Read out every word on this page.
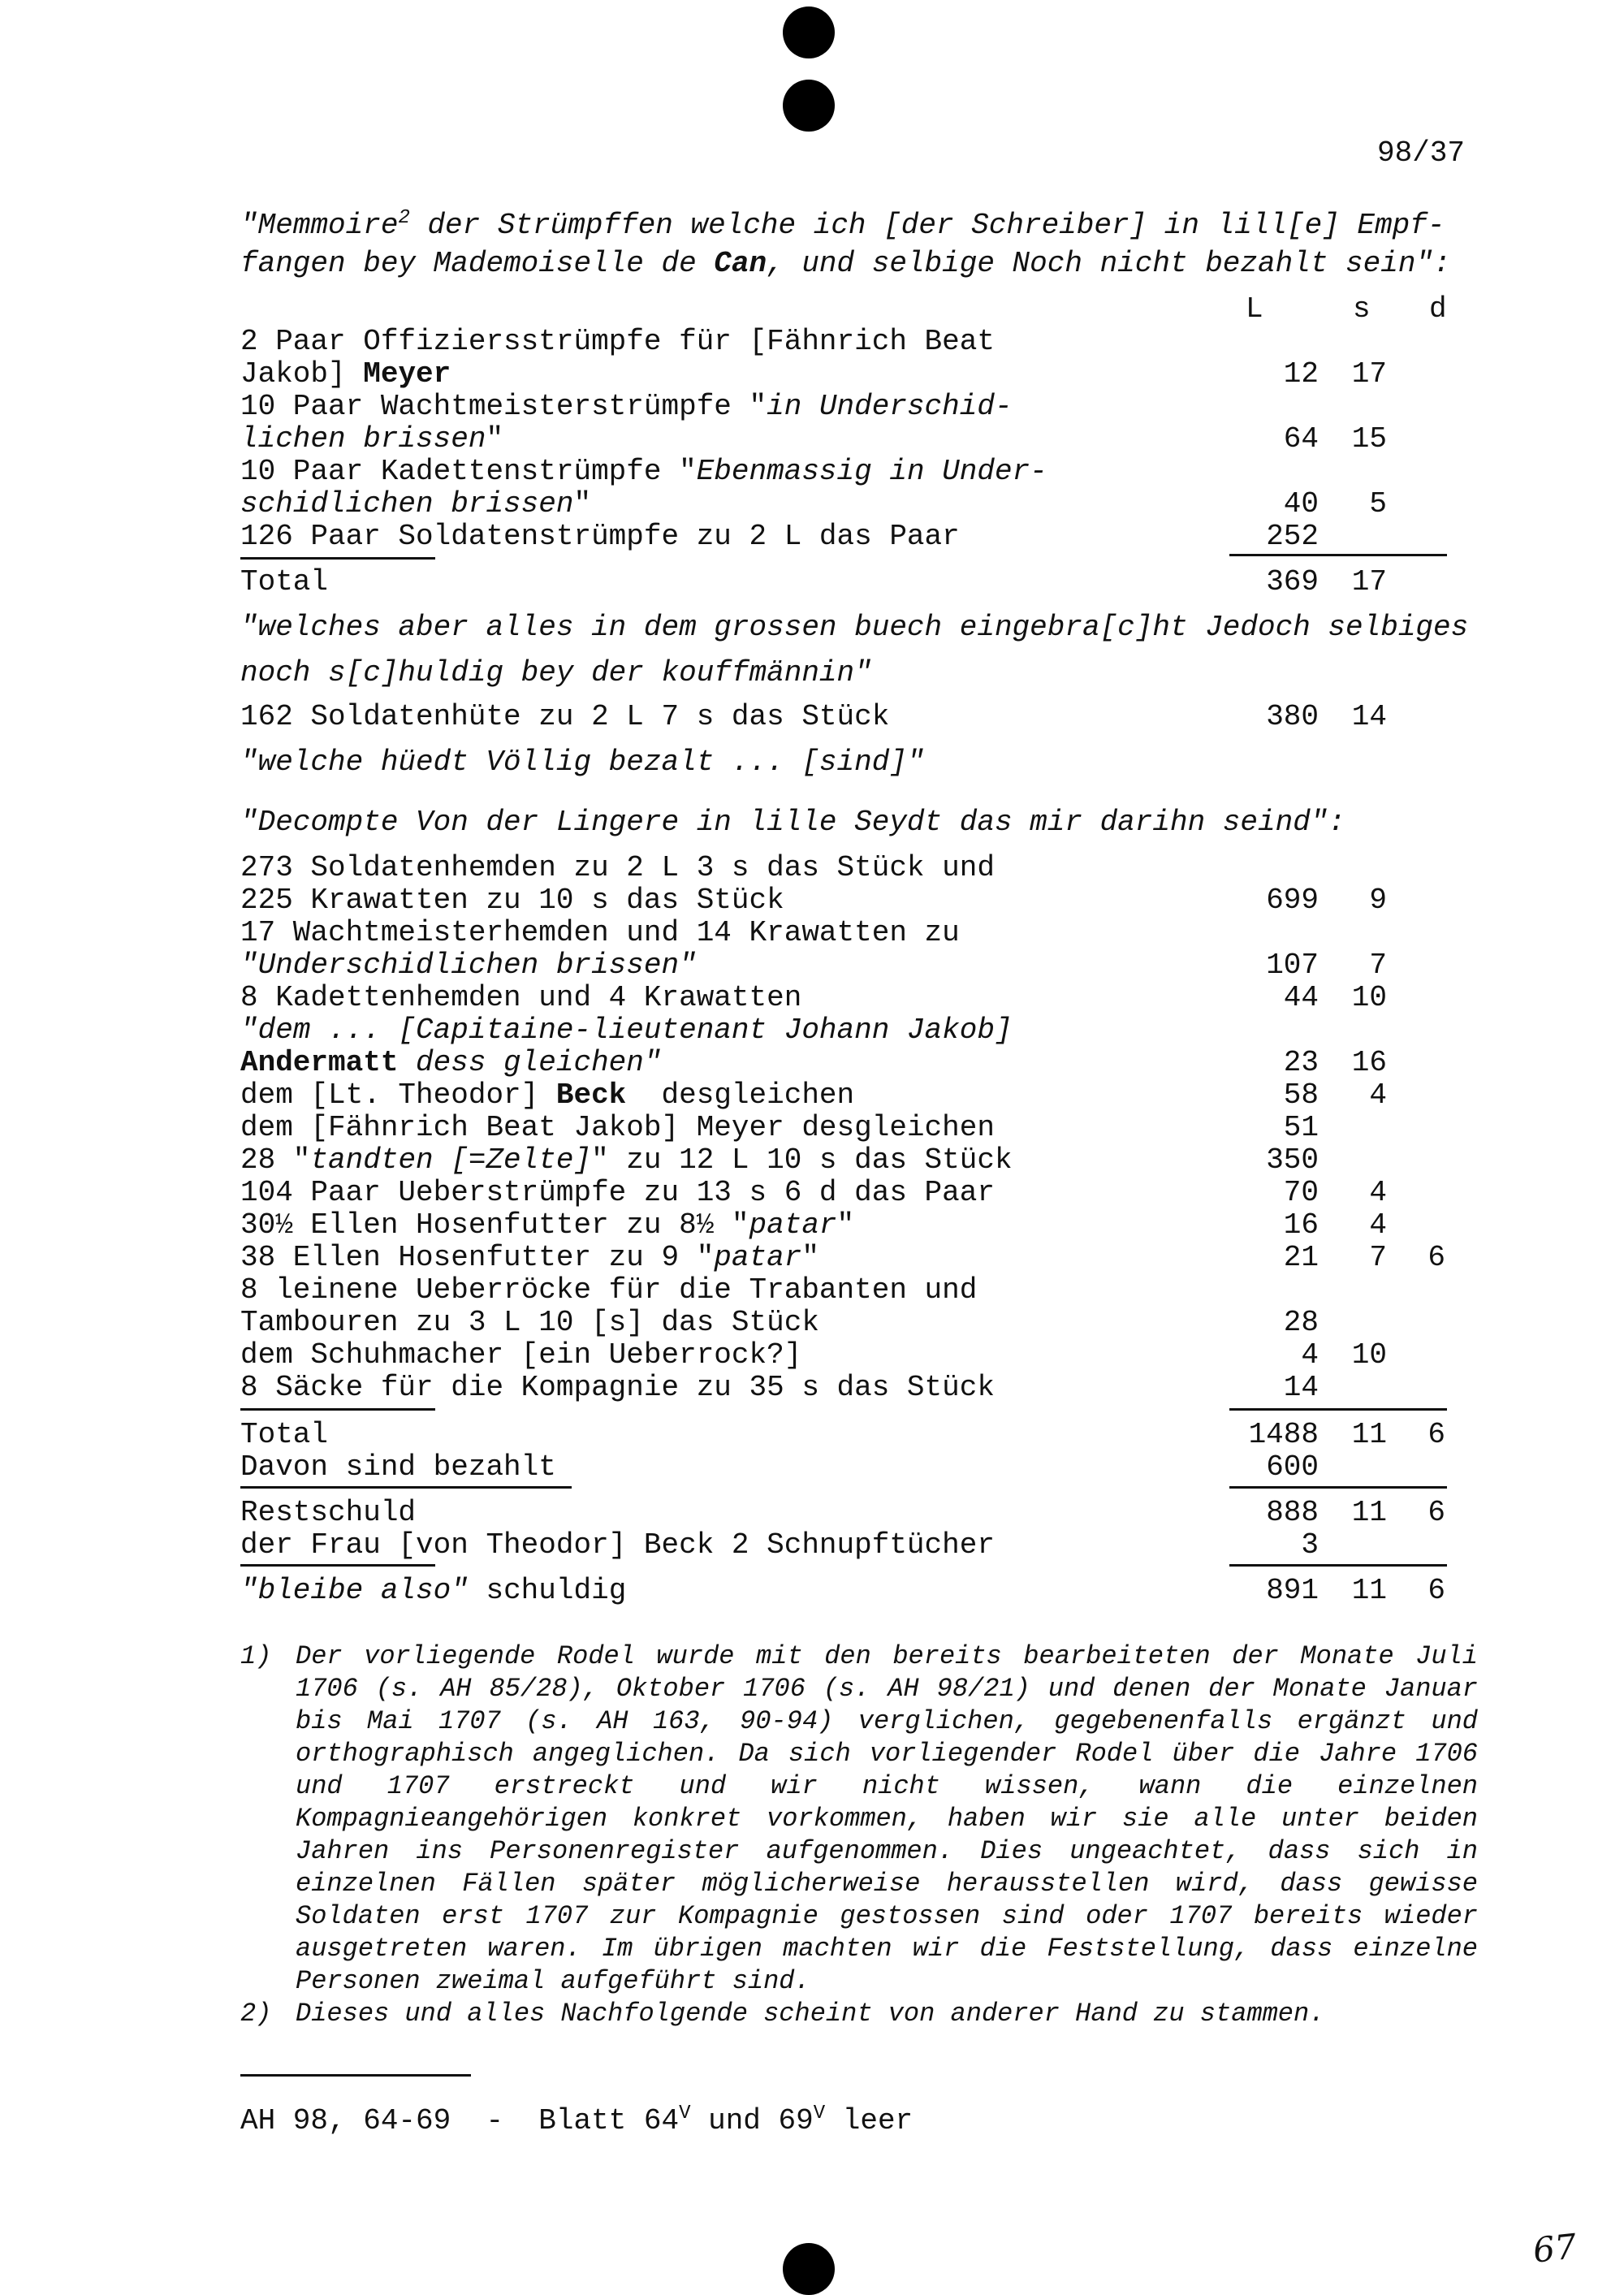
98/37
"Memmoire$^2$ der Strümpffen welche ich [der Schreiber] in lill[e] Empf-
fangen bey Mademoiselle de Can, und selbige Noch nicht bezahlt sein":
L	s d
2 Paar Offiziersstrümpfe für [Fähnrich Beat
Jakob] Meyer	12	17
10 Paar Wachtmeisterstrümpfe "in Underschid-
lichen brissen"	64	15
10 Paar Kadettenstrümpfe "Ebenmassig in Under-
schidlichen brissen"	40	5
126 Paar Soldatenstrümpfe zu 2 L das Paar	252
Total	369	17
"welches aber alles in dem grossen buech eingebra[c]ht Jedoch selbiges
noch s[c]huldig bey der kouffmännin"
162 Soldatenhüte zu 2 L 7 s das Stück	380	14
"welche hüedt Völlig bezalt ... [sind]"
"Decompte Von der Lingere in lille Seydt das mir darihn seind":
273 Soldatenhemden zu 2 L 3 s das Stück und
225 Krawatten zu 10 s das Stück	699	9
17 Wachtmeisterhemden und 14 Krawatten zu
"Underschidlichen brissen"	107	7
8 Kadettenhemden und 4 Krawatten	44	10
"dem ... [Capitaine-lieutenant Johann Jakob]
Andermatt dess gleichen"	23	16
dem [Lt. Theodor] Beck  desgleichen	58	4
dem [Fähnrich Beat Jakob] Meyer desgleichen	51
28 "tandten [=Zelte]" zu 12 L 10 s das Stück	350
104 Paar Ueberstrümpfe zu 13 s 6 d das Paar	70	4
30½ Ellen Hosenfutter zu 8½ "patar"	16	4
38 Ellen Hosenfutter zu 9 "patar"	21	7	6
8 leinene Ueberröcke für die Trabanten und
Tambouren zu 3 L 10 [s] das Stück	28
dem Schuhmacher [ein Ueberrock?]	4	10
8 Säcke für die Kompagnie zu 35 s das Stück	14
Total	1488	11	6
Davon sind bezahlt	600
Restschuld	888	11	6
der Frau [von Theodor] Beck 2 Schnupftücher	3
"bleibe also" schuldig	891	11	6
1) Der vorliegende Rodel wurde mit den bereits bearbeiteten der Monate Juli 1706 (s. AH 85/28), Oktober 1706 (s. AH 98/21) und denen der Monate Januar bis Mai 1707 (s. AH 163, 90-94) verglichen, gegebenenfalls ergänzt und orthographisch angeglichen. Da sich vorliegender Rodel über die Jahre 1706 und 1707 erstreckt und wir nicht wissen, wann die einzelnen Kompagnieangehörigen konkret vorkommen, haben wir sie alle unter beiden Jahren ins Personenregister aufgenommen. Dies ungeachtet, dass sich in einzelnen Fällen später möglicherweise herausstellen wird, dass gewisse Soldaten erst 1707 zur Kompagnie gestossen sind oder 1707 bereits wieder ausgetreten waren. Im übrigen machten wir die Feststellung, dass einzelne Personen zweimal aufgeführt sind.
2) Dieses und alles Nachfolgende scheint von anderer Hand zu stammen.
AH 98, 64-69  -  Blatt $64^V$ und $69^V$ leer
67
